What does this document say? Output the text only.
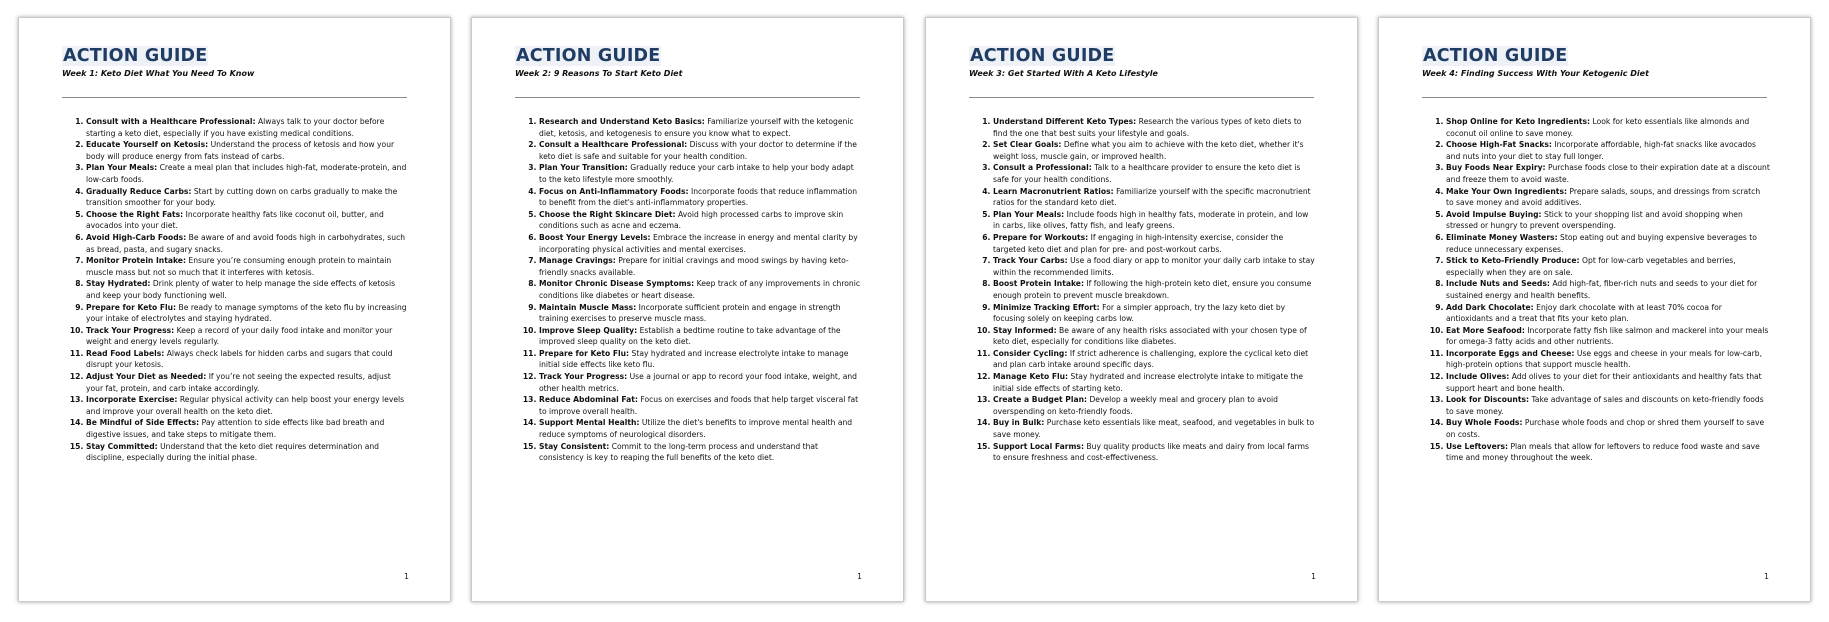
ACTION GUIDE
Week 1: Keto Diet What You Need To Know
1. Consult with a Healthcare Professional: Always talk to your doctor before starting a keto diet, especially if you have existing medical conditions.
2. Educate Yourself on Ketosis: Understand the process of ketosis and how your body will produce energy from fats instead of carbs.
3. Plan Your Meals: Create a meal plan that includes high-fat, moderate-protein, and low-carb foods.
4. Gradually Reduce Carbs: Start by cutting down on carbs gradually to make the transition smoother for your body.
5. Choose the Right Fats: Incorporate healthy fats like coconut oil, butter, and avocados into your diet.
6. Avoid High-Carb Foods: Be aware of and avoid foods high in carbohydrates, such as bread, pasta, and sugary snacks.
7. Monitor Protein Intake: Ensure you’re consuming enough protein to maintain muscle mass but not so much that it interferes with ketosis.
8. Stay Hydrated: Drink plenty of water to help manage the side effects of ketosis and keep your body functioning well.
9. Prepare for Keto Flu: Be ready to manage symptoms of the keto flu by increasing your intake of electrolytes and staying hydrated.
10. Track Your Progress: Keep a record of your daily food intake and monitor your weight and energy levels regularly.
11. Read Food Labels: Always check labels for hidden carbs and sugars that could disrupt your ketosis.
12. Adjust Your Diet as Needed: If you’re not seeing the expected results, adjust your fat, protein, and carb intake accordingly.
13. Incorporate Exercise: Regular physical activity can help boost your energy levels and improve your overall health on the keto diet.
14. Be Mindful of Side Effects: Pay attention to side effects like bad breath and digestive issues, and take steps to mitigate them.
15. Stay Committed: Understand that the keto diet requires determination and discipline, especially during the initial phase.
1
ACTION GUIDE
Week 2: 9 Reasons To Start Keto Diet
1. Research and Understand Keto Basics: Familiarize yourself with the ketogenic diet, ketosis, and ketogenesis to ensure you know what to expect.
2. Consult a Healthcare Professional: Discuss with your doctor to determine if the keto diet is safe and suitable for your health condition.
3. Plan Your Transition: Gradually reduce your carb intake to help your body adapt to the keto lifestyle more smoothly.
4. Focus on Anti-Inflammatory Foods: Incorporate foods that reduce inflammation to benefit from the diet's anti-inflammatory properties.
5. Choose the Right Skincare Diet: Avoid high processed carbs to improve skin conditions such as acne and eczema.
6. Boost Your Energy Levels: Embrace the increase in energy and mental clarity by incorporating physical activities and mental exercises.
7. Manage Cravings: Prepare for initial cravings and mood swings by having keto-friendly snacks available.
8. Monitor Chronic Disease Symptoms: Keep track of any improvements in chronic conditions like diabetes or heart disease.
9. Maintain Muscle Mass: Incorporate sufficient protein and engage in strength training exercises to preserve muscle mass.
10. Improve Sleep Quality: Establish a bedtime routine to take advantage of the improved sleep quality on the keto diet.
11. Prepare for Keto Flu: Stay hydrated and increase electrolyte intake to manage initial side effects like keto flu.
12. Track Your Progress: Use a journal or app to record your food intake, weight, and other health metrics.
13. Reduce Abdominal Fat: Focus on exercises and foods that help target visceral fat to improve overall health.
14. Support Mental Health: Utilize the diet's benefits to improve mental health and reduce symptoms of neurological disorders.
15. Stay Consistent: Commit to the long-term process and understand that consistency is key to reaping the full benefits of the keto diet.
1
ACTION GUIDE
Week 3: Get Started With A Keto Lifestyle
1. Understand Different Keto Types: Research the various types of keto diets to find the one that best suits your lifestyle and goals.
2. Set Clear Goals: Define what you aim to achieve with the keto diet, whether it's weight loss, muscle gain, or improved health.
3. Consult a Professional: Talk to a healthcare provider to ensure the keto diet is safe for your health conditions.
4. Learn Macronutrient Ratios: Familiarize yourself with the specific macronutrient ratios for the standard keto diet.
5. Plan Your Meals: Include foods high in healthy fats, moderate in protein, and low in carbs, like olives, fatty fish, and leafy greens.
6. Prepare for Workouts: If engaging in high-intensity exercise, consider the targeted keto diet and plan for pre- and post-workout carbs.
7. Track Your Carbs: Use a food diary or app to monitor your daily carb intake to stay within the recommended limits.
8. Boost Protein Intake: If following the high-protein keto diet, ensure you consume enough protein to prevent muscle breakdown.
9. Minimize Tracking Effort: For a simpler approach, try the lazy keto diet by focusing solely on keeping carbs low.
10. Stay Informed: Be aware of any health risks associated with your chosen type of keto diet, especially for conditions like diabetes.
11. Consider Cycling: If strict adherence is challenging, explore the cyclical keto diet and plan carb intake around specific days.
12. Manage Keto Flu: Stay hydrated and increase electrolyte intake to mitigate the initial side effects of starting keto.
13. Create a Budget Plan: Develop a weekly meal and grocery plan to avoid overspending on keto-friendly foods.
14. Buy in Bulk: Purchase keto essentials like meat, seafood, and vegetables in bulk to save money.
15. Support Local Farms: Buy quality products like meats and dairy from local farms to ensure freshness and cost-effectiveness.
1
ACTION GUIDE
Week 4: Finding Success With Your Ketogenic Diet
1. Shop Online for Keto Ingredients: Look for keto essentials like almonds and coconut oil online to save money.
2. Choose High-Fat Snacks: Incorporate affordable, high-fat snacks like avocados and nuts into your diet to stay full longer.
3. Buy Foods Near Expiry: Purchase foods close to their expiration date at a discount and freeze them to avoid waste.
4. Make Your Own Ingredients: Prepare salads, soups, and dressings from scratch to save money and avoid additives.
5. Avoid Impulse Buying: Stick to your shopping list and avoid shopping when stressed or hungry to prevent overspending.
6. Eliminate Money Wasters: Stop eating out and buying expensive beverages to reduce unnecessary expenses.
7. Stick to Keto-Friendly Produce: Opt for low-carb vegetables and berries, especially when they are on sale.
8. Include Nuts and Seeds: Add high-fat, fiber-rich nuts and seeds to your diet for sustained energy and health benefits.
9. Add Dark Chocolate: Enjoy dark chocolate with at least 70% cocoa for antioxidants and a treat that fits your keto plan.
10. Eat More Seafood: Incorporate fatty fish like salmon and mackerel into your meals for omega-3 fatty acids and other nutrients.
11. Incorporate Eggs and Cheese: Use eggs and cheese in your meals for low-carb, high-protein options that support muscle health.
12. Include Olives: Add olives to your diet for their antioxidants and healthy fats that support heart and bone health.
13. Look for Discounts: Take advantage of sales and discounts on keto-friendly foods to save money.
14. Buy Whole Foods: Purchase whole foods and chop or shred them yourself to save on costs.
15. Use Leftovers: Plan meals that allow for leftovers to reduce food waste and save time and money throughout the week.
1
